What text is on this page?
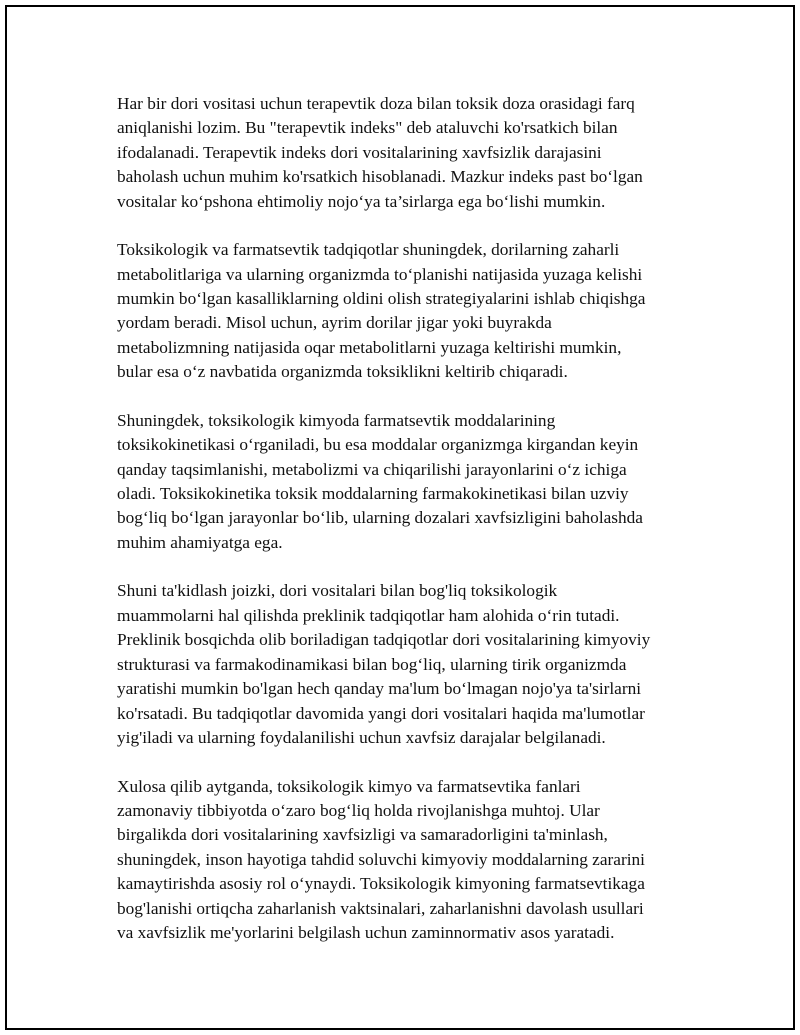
Har bir dori vositasi uchun terapevtik doza bilan toksik doza orasidagi farq
aniqlanishi lozim. Bu "terapevtik indeks" deb ataluvchi ko'rsatkich bilan
ifodalanadi. Terapevtik indeks dori vositalarining xavfsizlik darajasini
baholash uchun muhim ko'rsatkich hisoblanadi. Mazkur indeks past bo‘lgan
vositalar ko‘pshona ehtimoliy nojo‘ya ta’sirlarga ega bo‘lishi mumkin.

Toksikologik va farmatsevtik tadqiqotlar shuningdek, dorilarning zaharli
metabolitlariga va ularning organizmda to‘planishi natijasida yuzaga kelishi
mumkin bo‘lgan kasalliklarning oldini olish strategiyalarini ishlab chiqishga
yordam beradi. Misol uchun, ayrim dorilar jigar yoki buyrakda
metabolizmning natijasida oqar metabolitlarni yuzaga keltirishi mumkin,
bular esa o‘z navbatida organizmda toksiklikni keltirib chiqaradi.

Shuningdek, toksikologik kimyoda farmatsevtik moddalarining
toksikokinetikasi o‘rganiladi, bu esa moddalar organizmga kirgandan keyin
qanday taqsimlanishi, metabolizmi va chiqarilishi jarayonlarini o‘z ichiga
oladi. Toksikokinetika toksik moddalarning farmakokinetikasi bilan uzviy
bog‘liq bo‘lgan jarayonlar bo‘lib, ularning dozalari xavfsizligini baholashda
muhim ahamiyatga ega.

Shuni ta'kidlash joizki, dori vositalari bilan bog'liq toksikologik
muammolarni hal qilishda preklinik tadqiqotlar ham alohida o‘rin tutadi.
Preklinik bosqichda olib boriladigan tadqiqotlar dori vositalarining kimyoviy
strukturasi va farmakodinamikasi bilan bog‘liq, ularning tirik organizmda
yaratishi mumkin bo'lgan hech qanday ma'lum bo‘lmagan nojo'ya ta'sirlarni
ko'rsatadi. Bu tadqiqotlar davomida yangi dori vositalari haqida ma'lumotlar
yig'iladi va ularning foydalanilishi uchun xavfsiz darajalar belgilanadi.

Xulosa qilib aytganda, toksikologik kimyo va farmatsevtika fanlari
zamonaviy tibbiyotda o‘zaro bog‘liq holda rivojlanishga muhtoj. Ular
birgalikda dori vositalarining xavfsizligi va samaradorligini ta'minlash,
shuningdek, inson hayotiga tahdid soluvchi kimyoviy moddalarning zararini
kamaytirishda asosiy rol o‘ynaydi. Toksikologik kimyoning farmatsevtikaga
bog'lanishi ortiqcha zaharlanish vaktsinalari, zaharlanishni davolash usullari
va xavfsizlik me'yorlarini belgilash uchun zaminnormativ asos yaratadi.
